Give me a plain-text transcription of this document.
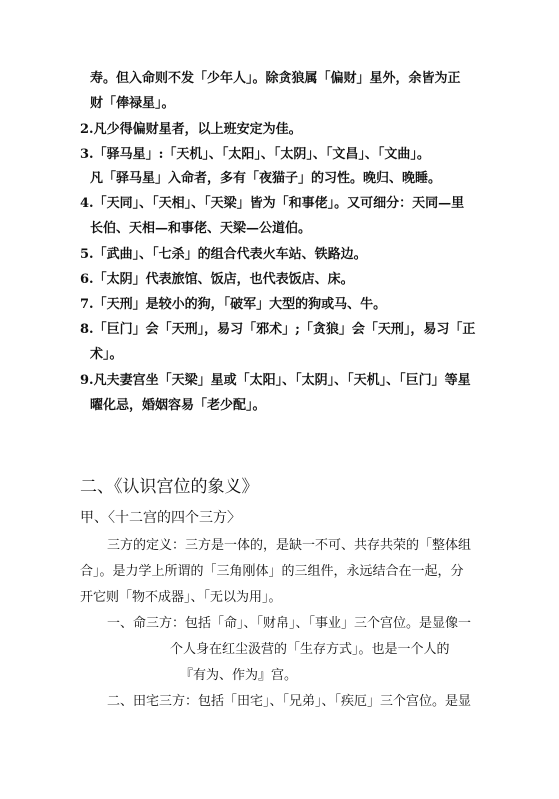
寿。但入命则不发「少年人」。除贪狼属「偏财」星外，余皆为正
财「俸禄星」。
2.凡少得偏财星者，以上班安定为佳。
3.「驿马星」:「天机」、「太阳」、「太阴」、「文昌」、「文曲」。
凡「驿马星」入命者，多有「夜猫子」的习性。晚归、晚睡。
4.「天同」、「天相」、「天梁」皆为「和事佬」。又可细分：天同—里
长伯、天相—和事佬、天梁—公道伯。
5.「武曲」、「七杀」的组合代表火车站、铁路边。
6.「太阴」代表旅馆、饭店，也代表饭店、床。
7.「天刑」是较小的狗，「破军」大型的狗或马、牛。
8.「巨门」会「天刑」，易习「邪术」;「贪狼」会「天刑」，易习「正
术」。
9.凡夫妻宫坐「天梁」星或「太阳」、「太阴」、「天机」、「巨门」等星
曜化忌，婚姻容易「老少配」。
二、《认识宫位的象义》
甲、〈十二宫的四个三方〉
三方的定义：三方是一体的，是缺一不可、共存共荣的「整体组
合」。是力学上所谓的「三角刚体」的三组件，永远结合在一起，分
开它则「物不成器」、「无以为用」。
一、命三方：包括「命」、「财帛」、「事业」三个宫位。是显像一
个人身在红尘汲营的「生存方式」。也是一个人的
『有为、作为』宫。
二、田宅三方：包括「田宅」、「兄弟」、「疾厄」三个宫位。是显
